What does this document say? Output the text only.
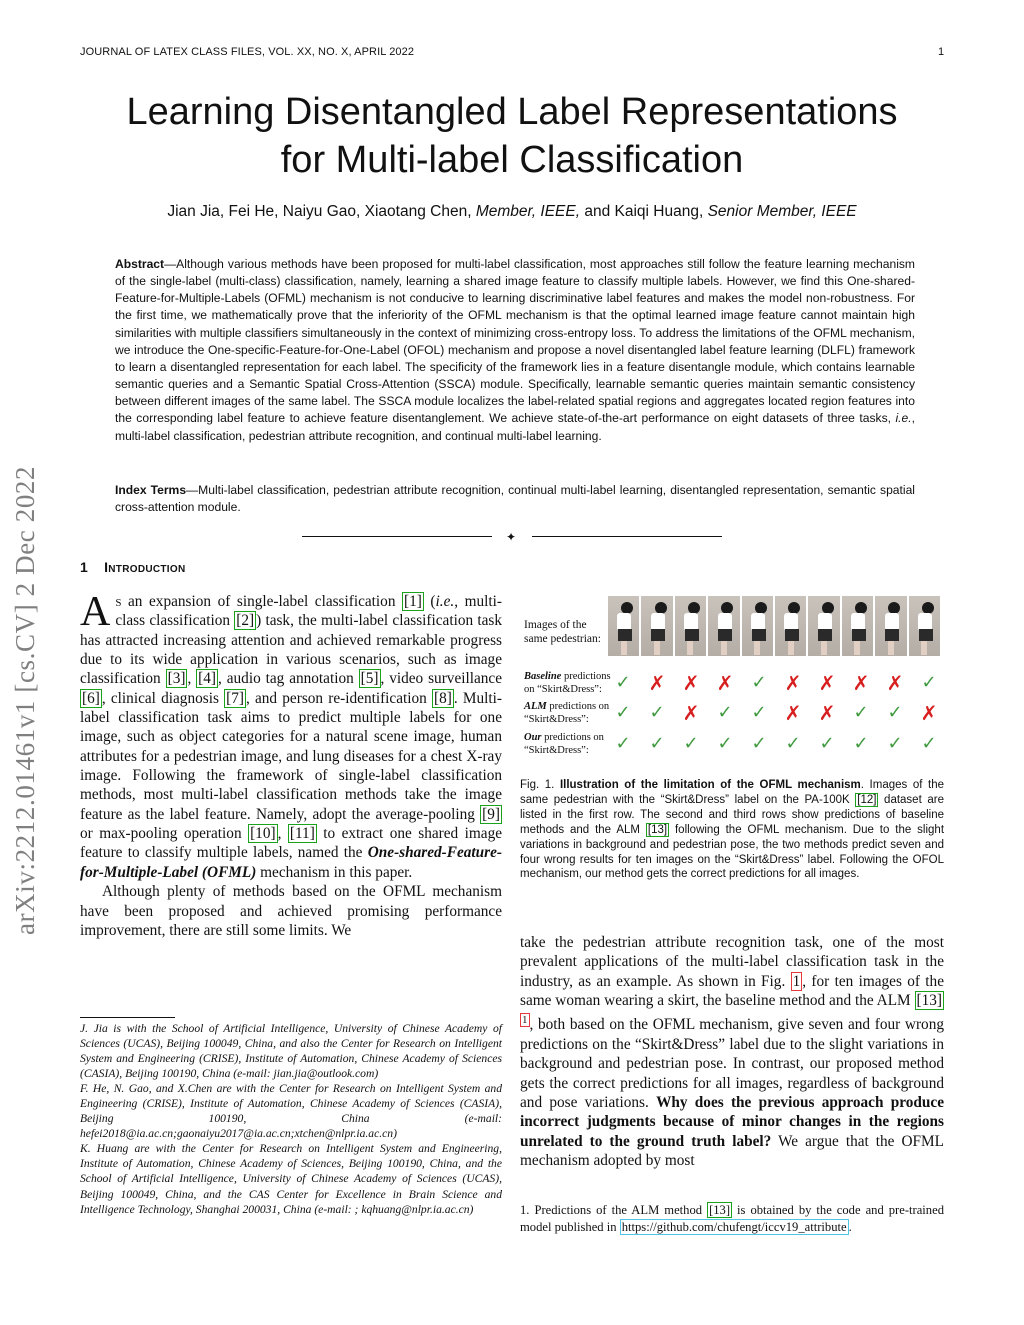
JOURNAL OF LATEX CLASS FILES, VOL. XX, NO. X, APRIL 2022	1
Learning Disentangled Label Representations
for Multi-label Classification
Jian Jia, Fei He, Naiyu Gao, Xiaotang Chen, Member, IEEE, and Kaiqi Huang, Senior Member, IEEE
Abstract—Although various methods have been proposed for multi-label classification, most approaches still follow the feature learning mechanism of the single-label (multi-class) classification, namely, learning a shared image feature to classify multiple labels. However, we find this One-shared-Feature-for-Multiple-Labels (OFML) mechanism is not conducive to learning discriminative label features and makes the model non-robustness. For the first time, we mathematically prove that the inferiority of the OFML mechanism is that the optimal learned image feature cannot maintain high similarities with multiple classifiers simultaneously in the context of minimizing cross-entropy loss. To address the limitations of the OFML mechanism, we introduce the One-specific-Feature-for-One-Label (OFOL) mechanism and propose a novel disentangled label feature learning (DLFL) framework to learn a disentangled representation for each label. The specificity of the framework lies in a feature disentangle module, which contains learnable semantic queries and a Semantic Spatial Cross-Attention (SSCA) module. Specifically, learnable semantic queries maintain semantic consistency between different images of the same label. The SSCA module localizes the label-related spatial regions and aggregates located region features into the corresponding label feature to achieve feature disentanglement. We achieve state-of-the-art performance on eight datasets of three tasks, i.e., multi-label classification, pedestrian attribute recognition, and continual multi-label learning.
Index Terms—Multi-label classification, pedestrian attribute recognition, continual multi-label learning, disentangled representation, semantic spatial cross-attention module.
✦
arXiv:2212.01461v1 [cs.CV] 2 Dec 2022	1 Introduction

As an expansion of single-label classification [1] (i.e., multi-class classification [2] ) task, the multi-label classification task has attracted increasing attention and achieved remarkable progress due to its wide application in various scenarios, such as image classification [3] , [4] , audio tag annotation [5] , video surveillance [6] , clinical diagnosis [7] , and person re-identification [8] . Multi-label classification task aims to predict multiple labels for one image, such as object categories for a natural scene image, human attributes for a pedestrian image, and lung diseases for a chest X-ray image. Following the framework of single-label classification methods, most multi-label classification methods take the image feature as the label feature. Namely, adopt the average-pooling [9] or max-pooling operation [10] , [11] to extract one shared image feature to classify multiple labels, named the One-shared-Feature-for-Multiple-Label (OFML) mechanism in this paper.

Although plenty of methods based on the OFML mechanism have been proposed and achieved promising performance improvement, there are still some limits. We

J. Jia is with the School of Artificial Intelligence, University of Chinese Academy of Sciences (UCAS), Beijing 100049, China, and also the Center for Research on Intelligent System and Engineering (CRISE), Institute of Automation, Chinese Academy of Sciences (CASIA), Beijing 100190, China (e-mail: jian.jia@outlook.com)

F. He, N. Gao, and X.Chen are with the Center for Research on Intelligent System and Engineering (CRISE), Institute of Automation, Chinese Academy of Sciences (CASIA), Beijing 100190, China (e-mail: hefei2018@ia.ac.cn;gaonaiyu2017@ia.ac.cn;xtchen@nlpr.ia.ac.cn)

K. Huang are with the Center for Research on Intelligent System and Engineering, Institute of Automation, Chinese Academy of Sciences, Beijing 100190, China, and the School of Artificial Intelligence, University of Chinese Academy of Sciences (UCAS), Beijing 100049, China, and the CAS Center for Excellence in Brain Science and Intelligence Technology, Shanghai 200031, China (e-mail: ; kqhuang@nlpr.ia.ac.cn)

Images of the same pedestrian:
Baseline predictions on “Skirt&Dress”: ✓ ✗ ✗ ✗ ✓ ✗ ✗ ✗ ✗ ✓
ALM predictions on “Skirt&Dress”:	✓ ✓ ✗ ✓ ✓ ✗ ✗ ✓ ✓ ✗
Our predictions on “Skirt&Dress”:	✓ ✓ ✓ ✓ ✓ ✓ ✓ ✓ ✓ ✓
Fig. 1. Illustration of the limitation of the OFML mechanism. Images of the same pedestrian with the “Skirt&Dress” label on the PA-100K [12] dataset are listed in the first row. The second and third rows show predictions of baseline methods and the ALM [13] following the OFML mechanism. Due to the slight variations in background and pedestrian pose, the two methods predict seven and four wrong results for ten images on the “Skirt&Dress” label. Following the OFOL mechanism, our method gets the correct predictions for all images.
take the pedestrian attribute recognition task, one of the most prevalent applications of the multi-label classification task in the industry, as an example. As shown in Fig. 1 , for ten images of the same woman wearing a skirt, the baseline method and the ALM [13] $^1$ , both based on the OFML mechanism, give seven and four wrong predictions on the “Skirt&Dress” label due to the slight variations in background and pedestrian pose. In contrast, our proposed method gets the correct predictions for all images, regardless of background and pose variations. Why does the previous approach produce incorrect judgments because of minor changes in the regions unrelated to the ground truth label? We argue that the OFML mechanism adopted by most
1. Predictions of the ALM method [13] is obtained by the code and pre-trained model published in https://github.com/chufengt/iccv19_attribute .
